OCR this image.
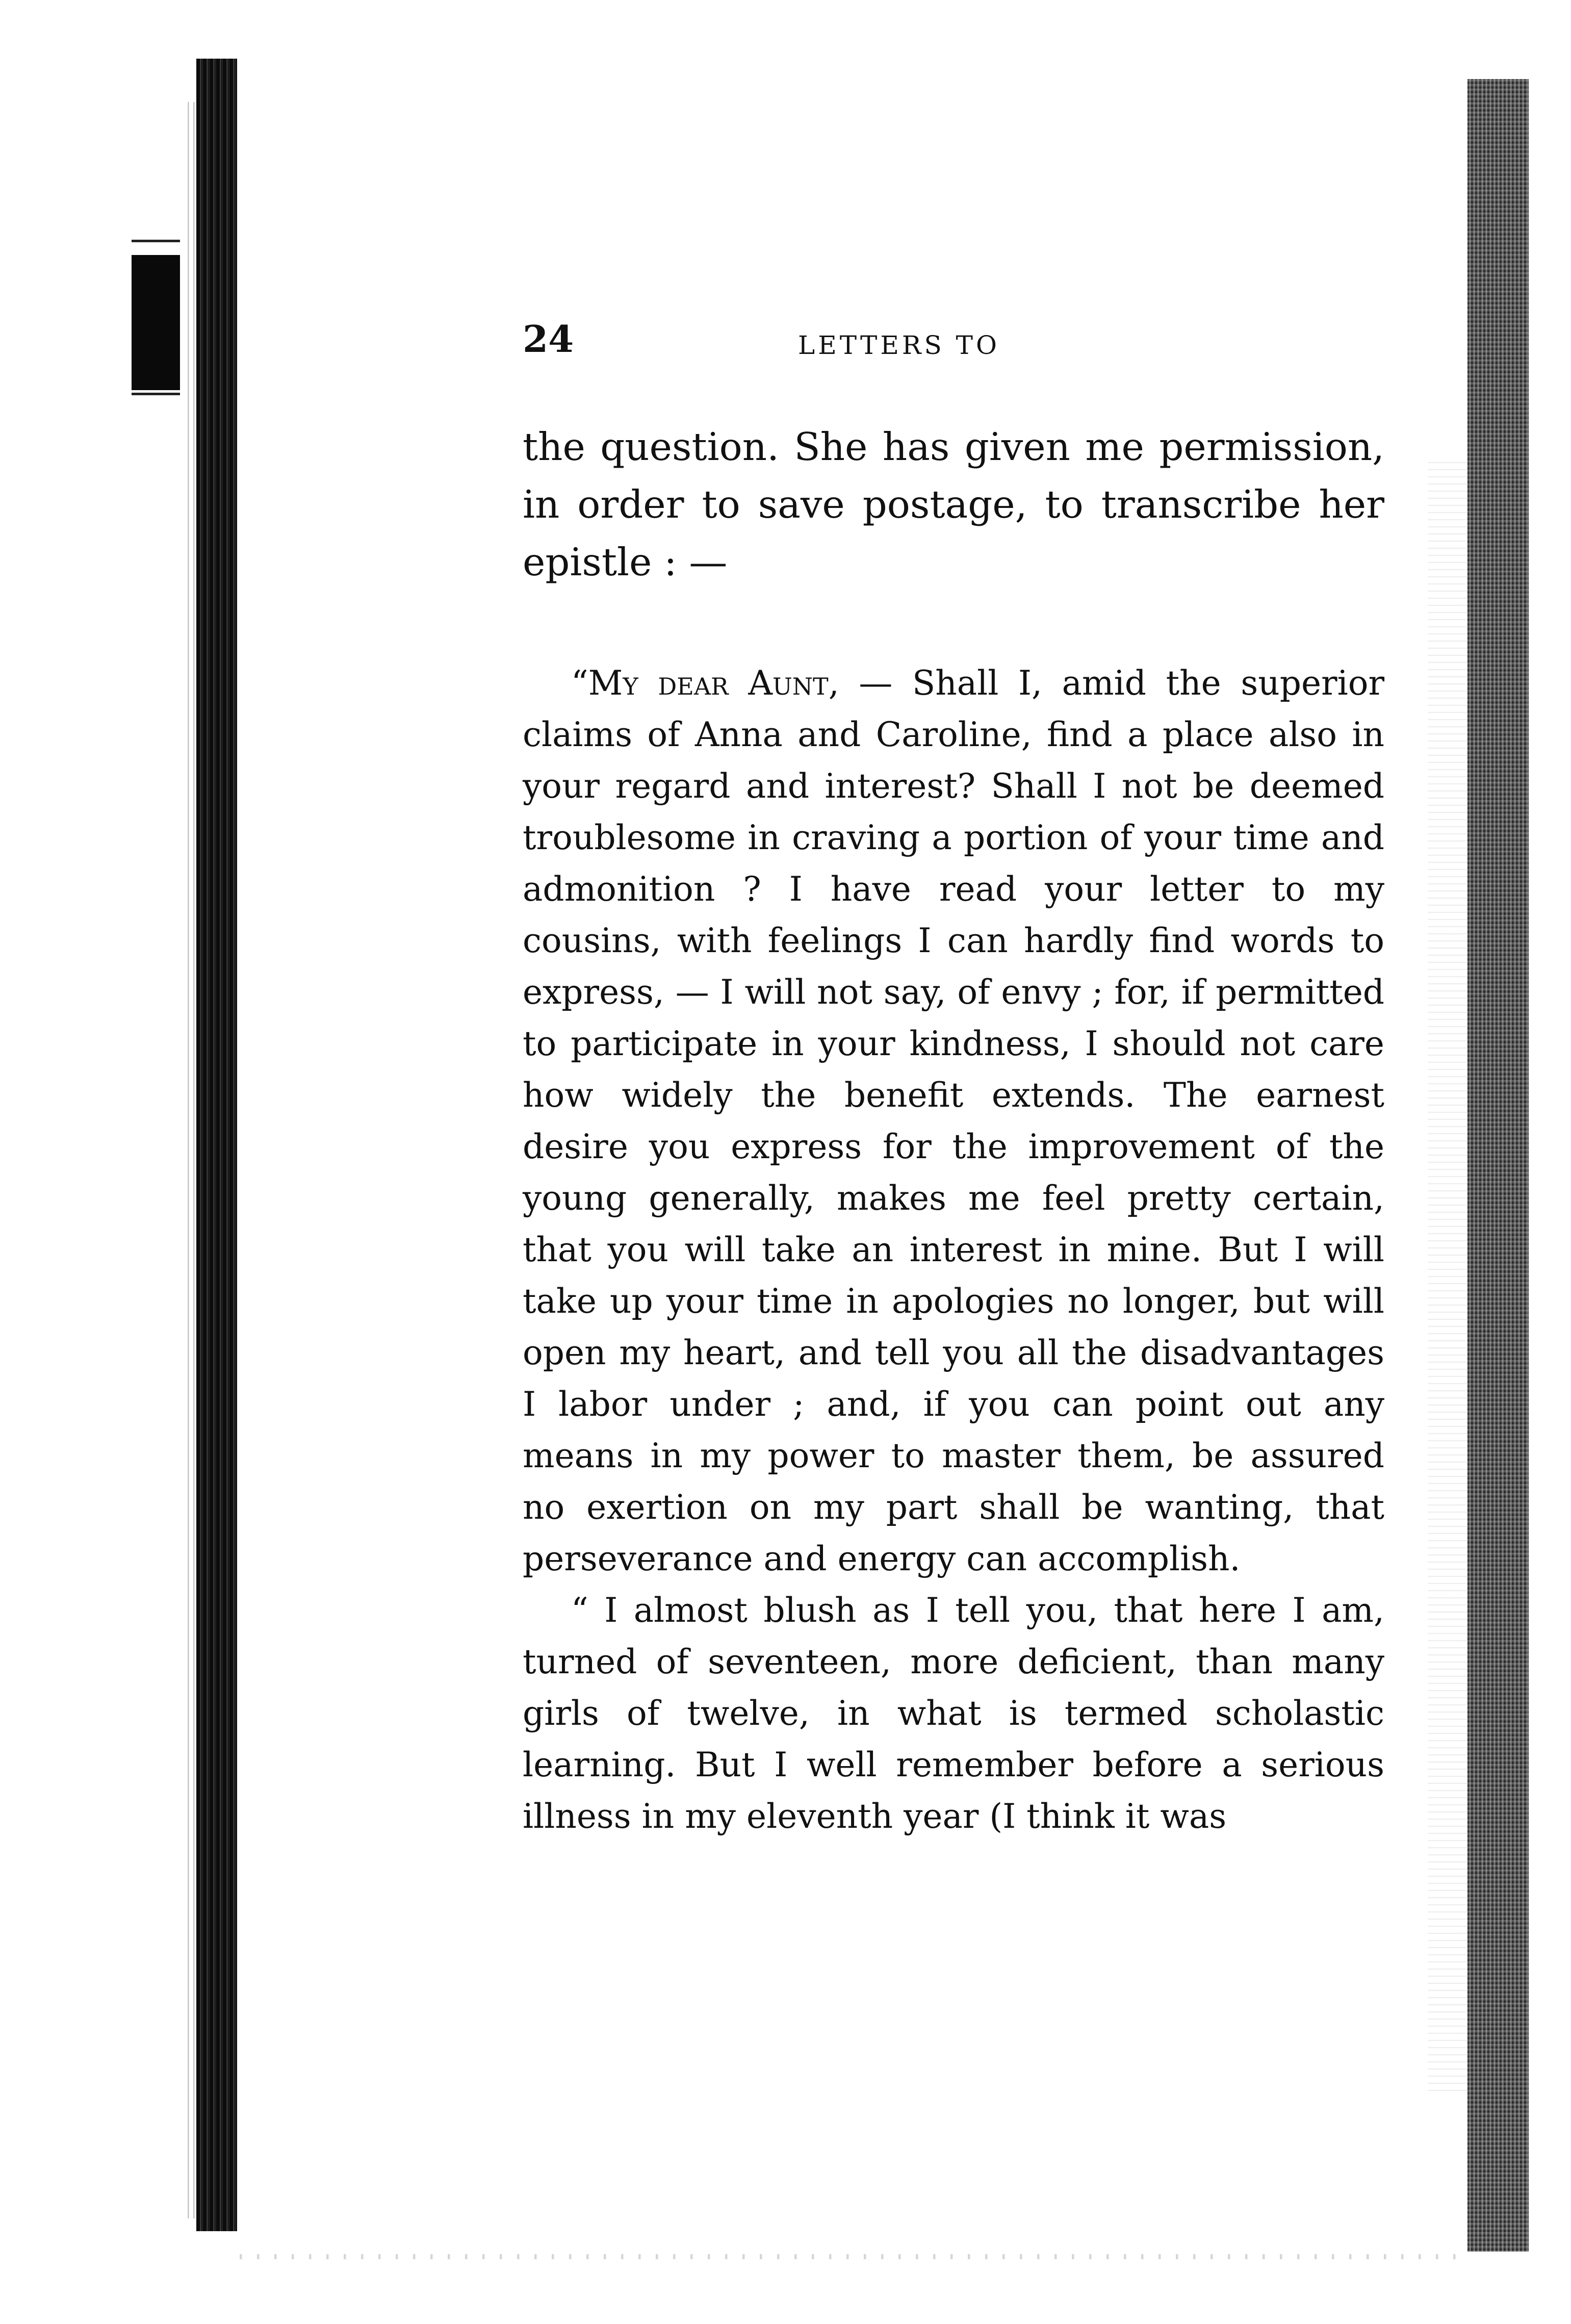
24	LETTERS TO

the question. She has given me permission, in order to save postage, to transcribe her epistle : —

“My dear Aunt, — Shall I, amid the superior claims of Anna and Caroline, find a place also in your regard and interest? Shall I not be deemed troublesome in craving a portion of your time and admonition ? I have read your letter to my cousins, with feelings I can hardly find words to express, — I will not say, of envy ; for, if permitted to participate in your kindness, I should not care how widely the benefit extends. The earnest desire you express for the improvement of the young generally, makes me feel pretty certain, that you will take an interest in mine. But I will take up your time in apologies no longer, but will open my heart, and tell you all the disadvantages I labor under ; and, if you can point out any means in my power to master them, be assured no exertion on my part shall be wanting, that perseverance and energy can accomplish.

“ I almost blush as I tell you, that here I am, turned of seventeen, more deficient, than many girls of twelve, in what is termed scholastic learning. But I well remember before a serious illness in my eleventh year (I think it was
